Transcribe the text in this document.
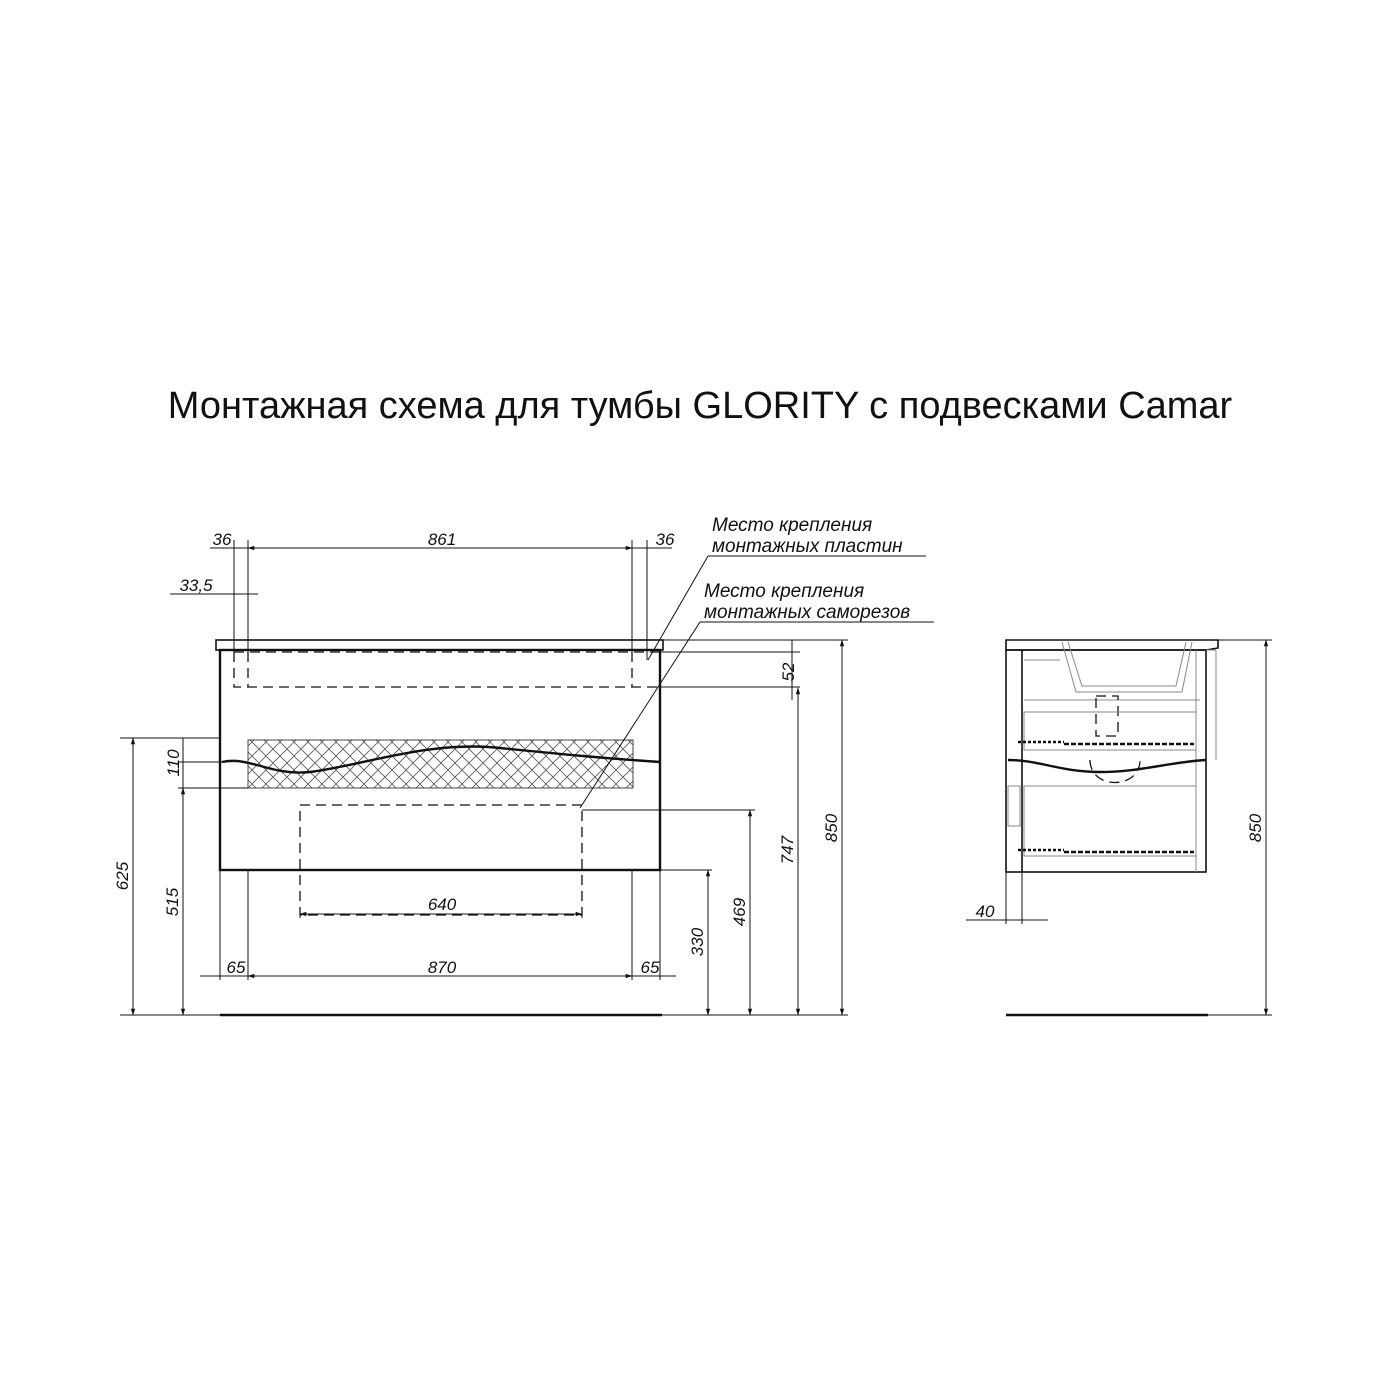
Монтажная схема для тумбы GLORITY с подвесками Camar
36	861	36
33,5
52
110
747
850
625
515	469
330
640
65	870	65
Место крепления
монтажных пластин
Место крепления
монтажных саморезов
850
40
